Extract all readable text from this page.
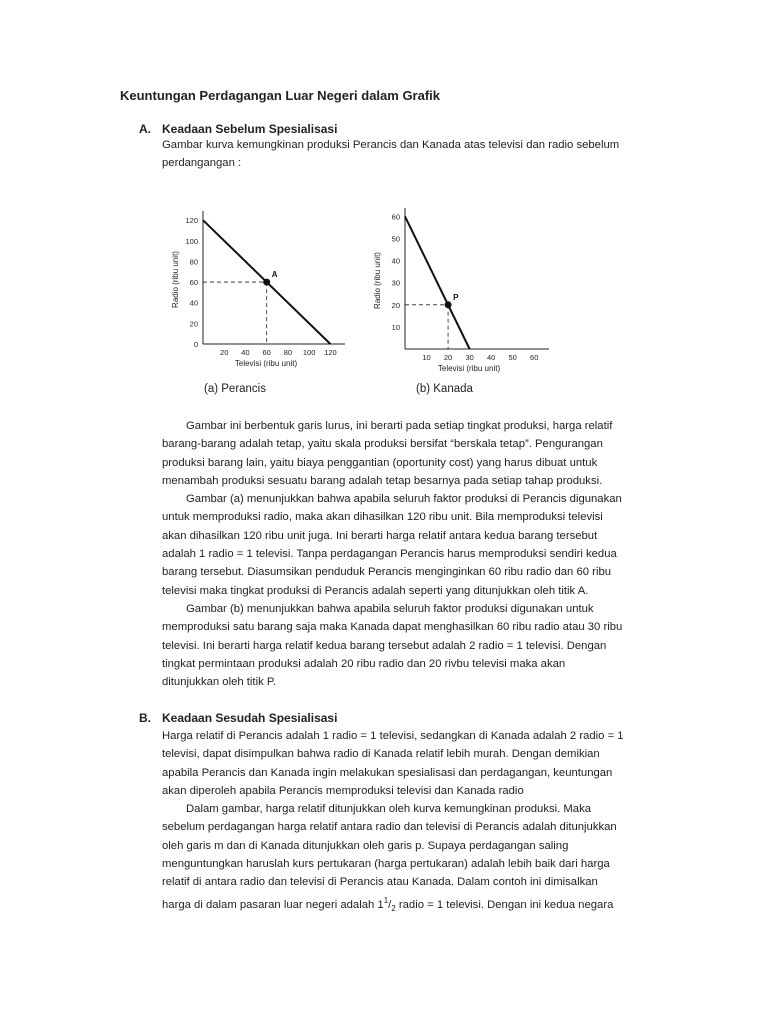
Keuntungan Perdagangan Luar Negeri dalam Grafik
A. Keadaan Sebelum Spesialisasi
Gambar kurva kemungkinan produksi Perancis dan Kanada atas televisi dan radio sebelum
perdangangan :
0
20
40
60
80
100
120
20 40 60 80 100 120
Televisi (ribu unit)
Radio (ribu unit)	A
(a) Perancis
10
20
30
40
50
60
10 20 30 40 50 60
Televisi (ribu unit)
Radio (ribu unit)	P
(b) Kanada
Gambar ini berbentuk garis lurus, ini berarti pada setiap tingkat produksi, harga relatif
barang-barang adalah tetap, yaitu skala produksi bersifat “berskala tetap”. Pengurangan
produksi barang lain, yaitu biaya penggantian (oportunity cost) yang harus dibuat untuk
menambah produksi sesuatu barang adalah tetap besarnya pada setiap tahap produksi.
Gambar (a) menunjukkan bahwa apabila seluruh faktor produksi di Perancis digunakan
untuk memproduksi radio, maka akan dihasilkan 120 ribu unit. Bila memproduksi televisi
akan dihasilkan 120 ribu unit juga. Ini berarti harga relatif antara kedua barang tersebut
adalah 1 radio = 1 televisi. Tanpa perdagangan Perancis harus memproduksi sendiri kedua
barang tersebut. Diasumsikan penduduk Perancis menginginkan 60 ribu radio dan 60 ribu
televisi maka tingkat produksi di Perancis adalah seperti yang ditunjukkan oleh titik A.
Gambar (b) menunjukkan bahwa apabila seluruh faktor produksi digunakan untuk
memproduksi satu barang saja maka Kanada dapat menghasilkan 60 ribu radio atau 30 ribu
televisi. Ini berarti harga relatif kedua barang tersebut adalah 2 radio = 1 televisi. Dengan
tingkat permintaan produksi adalah 20 ribu radio dan 20 rivbu televisi maka akan
ditunjukkan oleh titik P.
B. Keadaan Sesudah Spesialisasi
Harga relatif di Perancis adalah 1 radio = 1 televisi, sedangkan di Kanada adalah 2 radio = 1
televisi, dapat disimpulkan bahwa radio di Kanada relatif lebih murah. Dengan demikian
apabila Perancis dan Kanada ingin melakukan spesialisasi dan perdagangan, keuntungan
akan diperoleh apabila Perancis memproduksi televisi dan Kanada radio
Dalam gambar, harga relatif ditunjukkan oleh kurva kemungkinan produksi. Maka
sebelum perdagangan harga relatif antara radio dan televisi di Perancis adalah ditunjukkan
oleh garis m dan di Kanada ditunjukkan oleh garis p. Supaya perdagangan saling
menguntungkan haruslah kurs pertukaran (harga pertukaran) adalah lebih baik dari harga
relatif di antara radio dan televisi di Perancis atau Kanada. Dalam contoh ini dimisalkan
harga di dalam pasaran luar negeri adalah $1^1/_2$ radio = 1 televisi. Dengan ini kedua negara
